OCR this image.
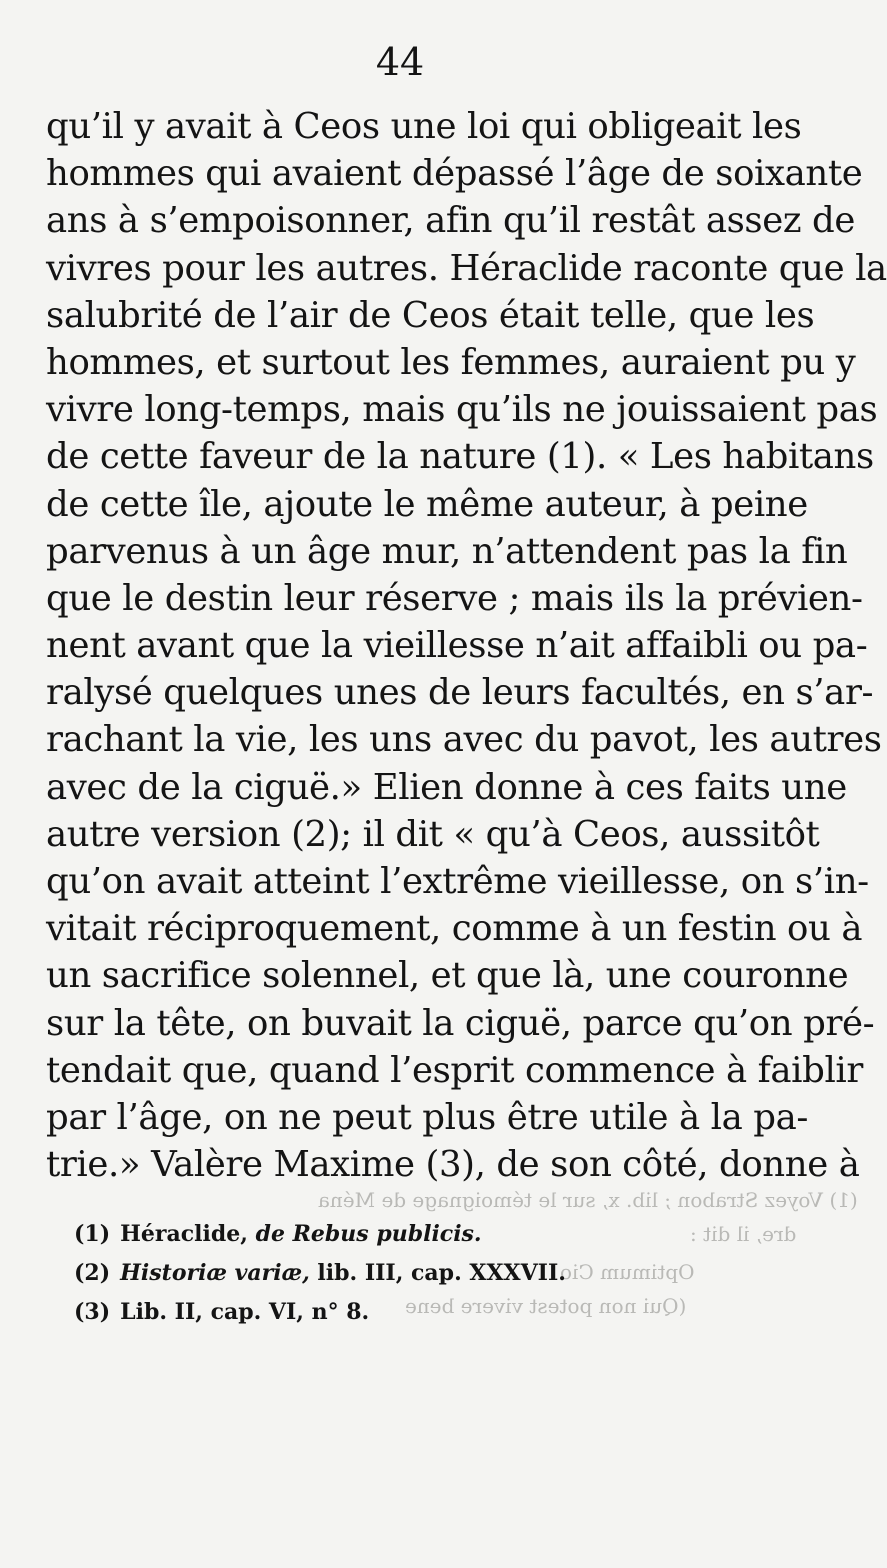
44
qu’il y avait à Ceos une loi qui obligeait les
hommes qui avaient dépassé l’âge de soixante
ans à s’empoisonner, afin qu’il restât assez de
vivres pour les autres. Héraclide raconte que la
salubrité de l’air de Ceos était telle, que les
hommes, et surtout les femmes, auraient pu y
vivre long-temps, mais qu’ils ne jouissaient pas
de cette faveur de la nature (1). « Les habitans
de cette île, ajoute le même auteur, à peine
parvenus à un âge mur, n’attendent pas la fin
que le destin leur réserve ; mais ils la prévien-
nent avant que la vieillesse n’ait affaibli ou pa-
ralysé quelques unes de leurs facultés, en s’ar-
rachant la vie, les uns avec du pavot, les autres
avec de la ciguë.» Elien donne à ces faits une
autre version (2); il dit « qu’à Ceos, aussitôt
qu’on avait atteint l’extrême vieillesse, on s’in-
vitait réciproquement, comme à un festin ou à
un sacrifice solennel, et que là, une couronne
sur la tête, on buvait la ciguë, parce qu’on pré-
tendait que, quand l’esprit commence à faiblir
par l’âge, on ne peut plus être utile à la pa-
trie.» Valère Maxime (3), de son côté, donne à
(1) Voyez Strabon ; lib. x, sur le témoignage de Ména
dre, il dit :
Optimum Cio
(Qui non potest vivere bene
(1) Héraclide, de Rebus publicis.
(2) Historiæ variæ, lib. III, cap. XXXVII.
(3) Lib. II, cap. VI, n° 8.
